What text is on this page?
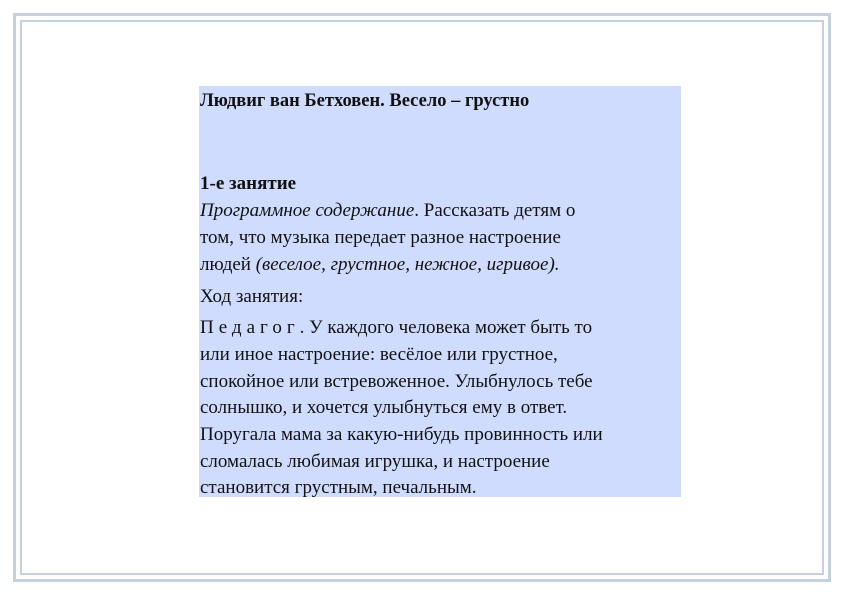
Людвиг ван Бетховен. Весело – грустно
1-е занятие
Программное содержание. Рассказать детям о
том, что музыка передает разное настроение
людей (веселое, грустное, нежное, игривое).
Ход занятия:
Педагог. У каждого человека может быть то
или иное настроение: весёлое или грустное,
спокойное или встревоженное. Улыбнулось тебе
солнышко, и хочется улыбнуться ему в ответ.
Поругала мама за какую-нибудь провинность или
сломалась любимая игрушка, и настроение
становится грустным, печальным.
